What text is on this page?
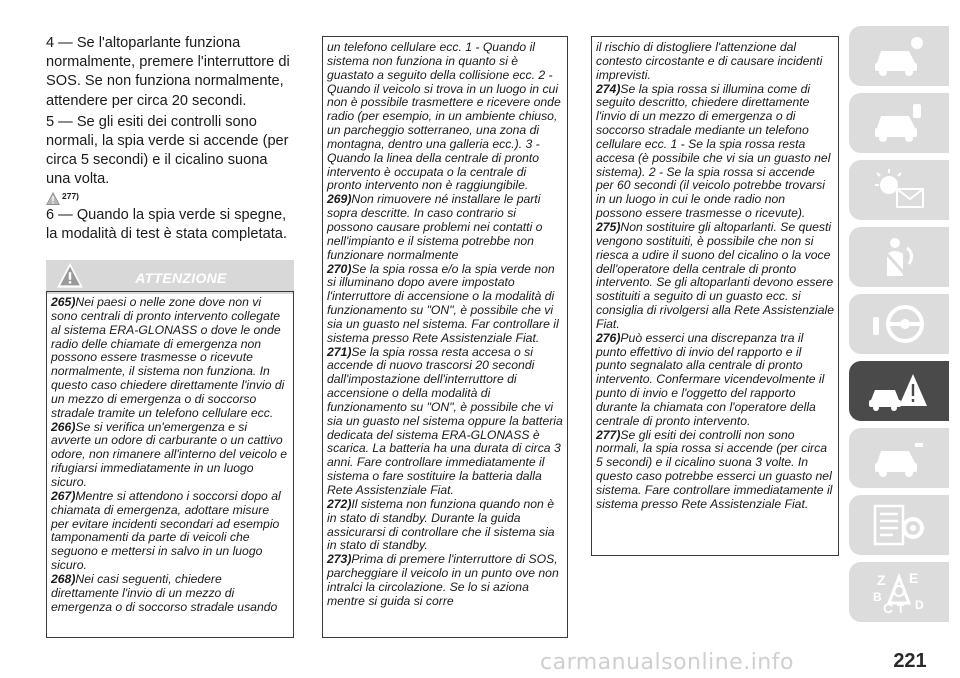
4 — Se l'altoparlante funziona normalmente, premere l'interruttore di SOS. Se non funziona normalmente, attendere per circa 20 secondi.

5 — Se gli esiti dei controlli sono normali, la spia verde si accende (per circa 5 secondi) e il cicalino suona una volta.

$^{277)}$

6 — Quando la spia verde si spegne, la modalità di test è stata completata.

ATTENZIONE

265)Nei paesi o nelle zone dove non vi sono centrali di pronto intervento collegate al sistema ERA-GLONASS o dove le onde radio delle chiamate di emergenza non possono essere trasmesse o ricevute normalmente, il sistema non funziona. In questo caso chiedere direttamente l'invio di un mezzo di emergenza o di soccorso stradale tramite un telefono cellulare ecc.

266)Se si verifica un'emergenza e si avverte un odore di carburante o un cattivo odore, non rimanere all'interno del veicolo e rifugiarsi immediatamente in un luogo sicuro.

267)Mentre si attendono i soccorsi dopo al chiamata di emergenza, adottare misure per evitare incidenti secondari ad esempio tamponamenti da parte di veicoli che seguono e mettersi in salvo in un luogo sicuro.

268)Nei casi seguenti, chiedere direttamente l'invio di un mezzo di emergenza o di soccorso stradale usando

un telefono cellulare ecc. 1 - Quando il sistema non funziona in quanto si è guastato a seguito della collisione ecc. 2 - Quando il veicolo si trova in un luogo in cui non è possibile trasmettere e ricevere onde radio (per esempio, in un ambiente chiuso, un parcheggio sotterraneo, una zona di montagna, dentro una galleria ecc.). 3 - Quando la linea della centrale di pronto intervento è occupata o la centrale di pronto intervento non è raggiungibile.

269)Non rimuovere né installare le parti sopra descritte. In caso contrario si possono causare problemi nei contatti o nell'impianto e il sistema potrebbe non funzionare normalmente

270)Se la spia rossa e/o la spia verde non si illuminano dopo avere impostato l'interruttore di accensione o la modalità di funzionamento su "ON", è possibile che vi sia un guasto nel sistema. Far controllare il sistema presso Rete Assistenziale Fiat.

271)Se la spia rossa resta accesa o si accende di nuovo trascorsi 20 secondi dall'impostazione dell'interruttore di accensione o della modalità di funzionamento su "ON", è possibile che vi sia un guasto nel sistema oppure la batteria dedicata del sistema ERA-GLONASS è scarica. La batteria ha una durata di circa 3 anni. Fare controllare immediatamente il sistema o fare sostituire la batteria dalla Rete Assistenziale Fiat.

272)Il sistema non funziona quando non è in stato di standby. Durante la guida assicurarsi di controllare che il sistema sia in stato di standby.

273)Prima di premere l'interruttore di SOS, parcheggiare il veicolo in un punto ove non intralci la circolazione. Se lo si aziona mentre si guida si corre

il rischio di distogliere l'attenzione dal contesto circostante e di causare incidenti imprevisti.

274)Se la spia rossa si illumina come di seguito descritto, chiedere direttamente l'invio di un mezzo di emergenza o di soccorso stradale mediante un telefono cellulare ecc. 1 - Se la spia rossa resta accesa (è possibile che vi sia un guasto nel sistema). 2 - Se la spia rossa si accende per 60 secondi (il veicolo potrebbe trovarsi in un luogo in cui le onde radio non possono essere trasmesse o ricevute).

275)Non sostituire gli altoparlanti. Se questi vengono sostituiti, è possibile che non si riesca a udire il suono del cicalino o la voce dell'operatore della centrale di pronto intervento. Se gli altoparlanti devono essere sostituiti a seguito di un guasto ecc. si consiglia di rivolgersi alla Rete Assistenziale Fiat.

276)Può esserci una discrepanza tra il punto effettivo di invio del rapporto e il punto segnalato alla centrale di pronto intervento. Confermare vicendevolmente il punto di invio e l'oggetto del rapporto durante la chiamata con l'operatore della centrale di pronto intervento.

277)Se gli esiti dei controlli non sono normali, la spia rossa si accende (per circa 5 secondi) e il cicalino suona 3 volte. In questo caso potrebbe esserci un guasto nel sistema. Fare controllare immediatamente il sistema presso Rete Assistenziale Fiat.

Z E
B
C T D
carmanualsonline.info	221
